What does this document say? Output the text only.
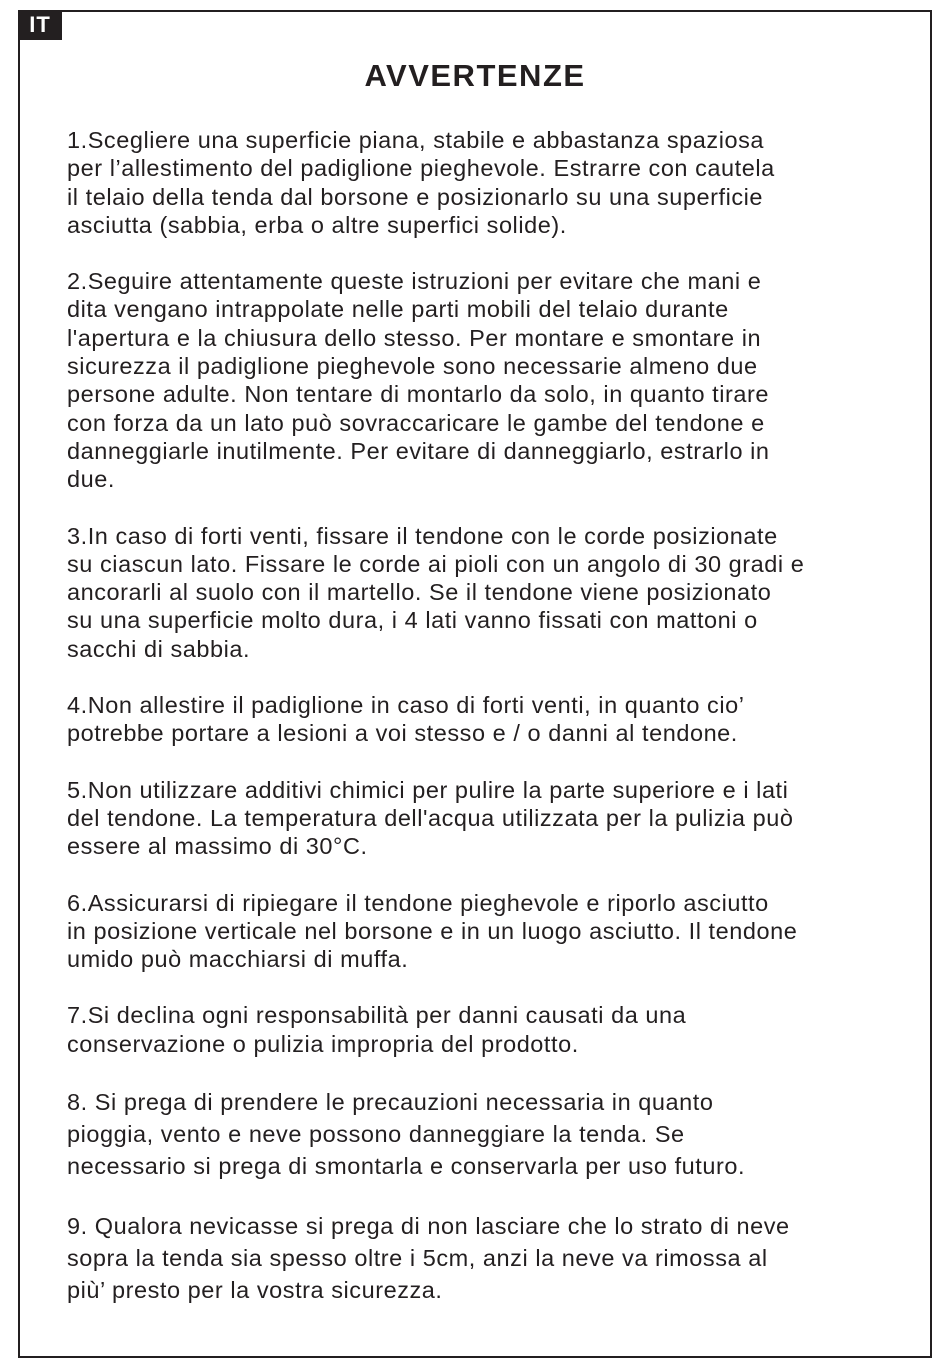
IT
AVVERTENZE

1.Scegliere una superficie piana, stabile e abbastanza spaziosa
per l’allestimento del padiglione pieghevole. Estrarre con cautela
il telaio della tenda dal borsone e posizionarlo su una superficie
asciutta (sabbia, erba o altre superfici solide).

2.Seguire attentamente queste istruzioni per evitare che mani e
dita vengano intrappolate nelle parti mobili del telaio durante
l'apertura e la chiusura dello stesso. Per montare e smontare in
sicurezza il padiglione pieghevole sono necessarie almeno due
persone adulte. Non tentare di montarlo da solo, in quanto tirare
con forza da un lato può sovraccaricare le gambe del tendone e
danneggiarle inutilmente. Per evitare di danneggiarlo, estrarlo in
due.

3.In caso di forti venti, fissare il tendone con le corde posizionate
su ciascun lato. Fissare le corde ai pioli con un angolo di 30 gradi e
ancorarli al suolo con il martello. Se il tendone viene posizionato
su una superficie molto dura, i 4 lati vanno fissati con mattoni o
sacchi di sabbia.

4.Non allestire il padiglione in caso di forti venti, in quanto cio’
potrebbe portare a lesioni a voi stesso e / o danni al tendone.

5.Non utilizzare additivi chimici per pulire la parte superiore e i lati
del tendone. La temperatura dell'acqua utilizzata per la pulizia può
essere al massimo di 30°C.

6.Assicurarsi di ripiegare il tendone pieghevole e riporlo asciutto
in posizione verticale nel borsone e in un luogo asciutto. Il tendone
umido può macchiarsi di muffa.

7.Si declina ogni responsabilità per danni causati da una
conservazione o pulizia impropria del prodotto.

8. Si prega di prendere le precauzioni necessaria in quanto
pioggia, vento e neve possono danneggiare la tenda. Se
necessario si prega di smontarla e conservarla per uso futuro.

9. Qualora nevicasse si prega di non lasciare che lo strato di neve
sopra la tenda sia spesso oltre i 5cm, anzi la neve va rimossa al
più’ presto per la vostra sicurezza.
